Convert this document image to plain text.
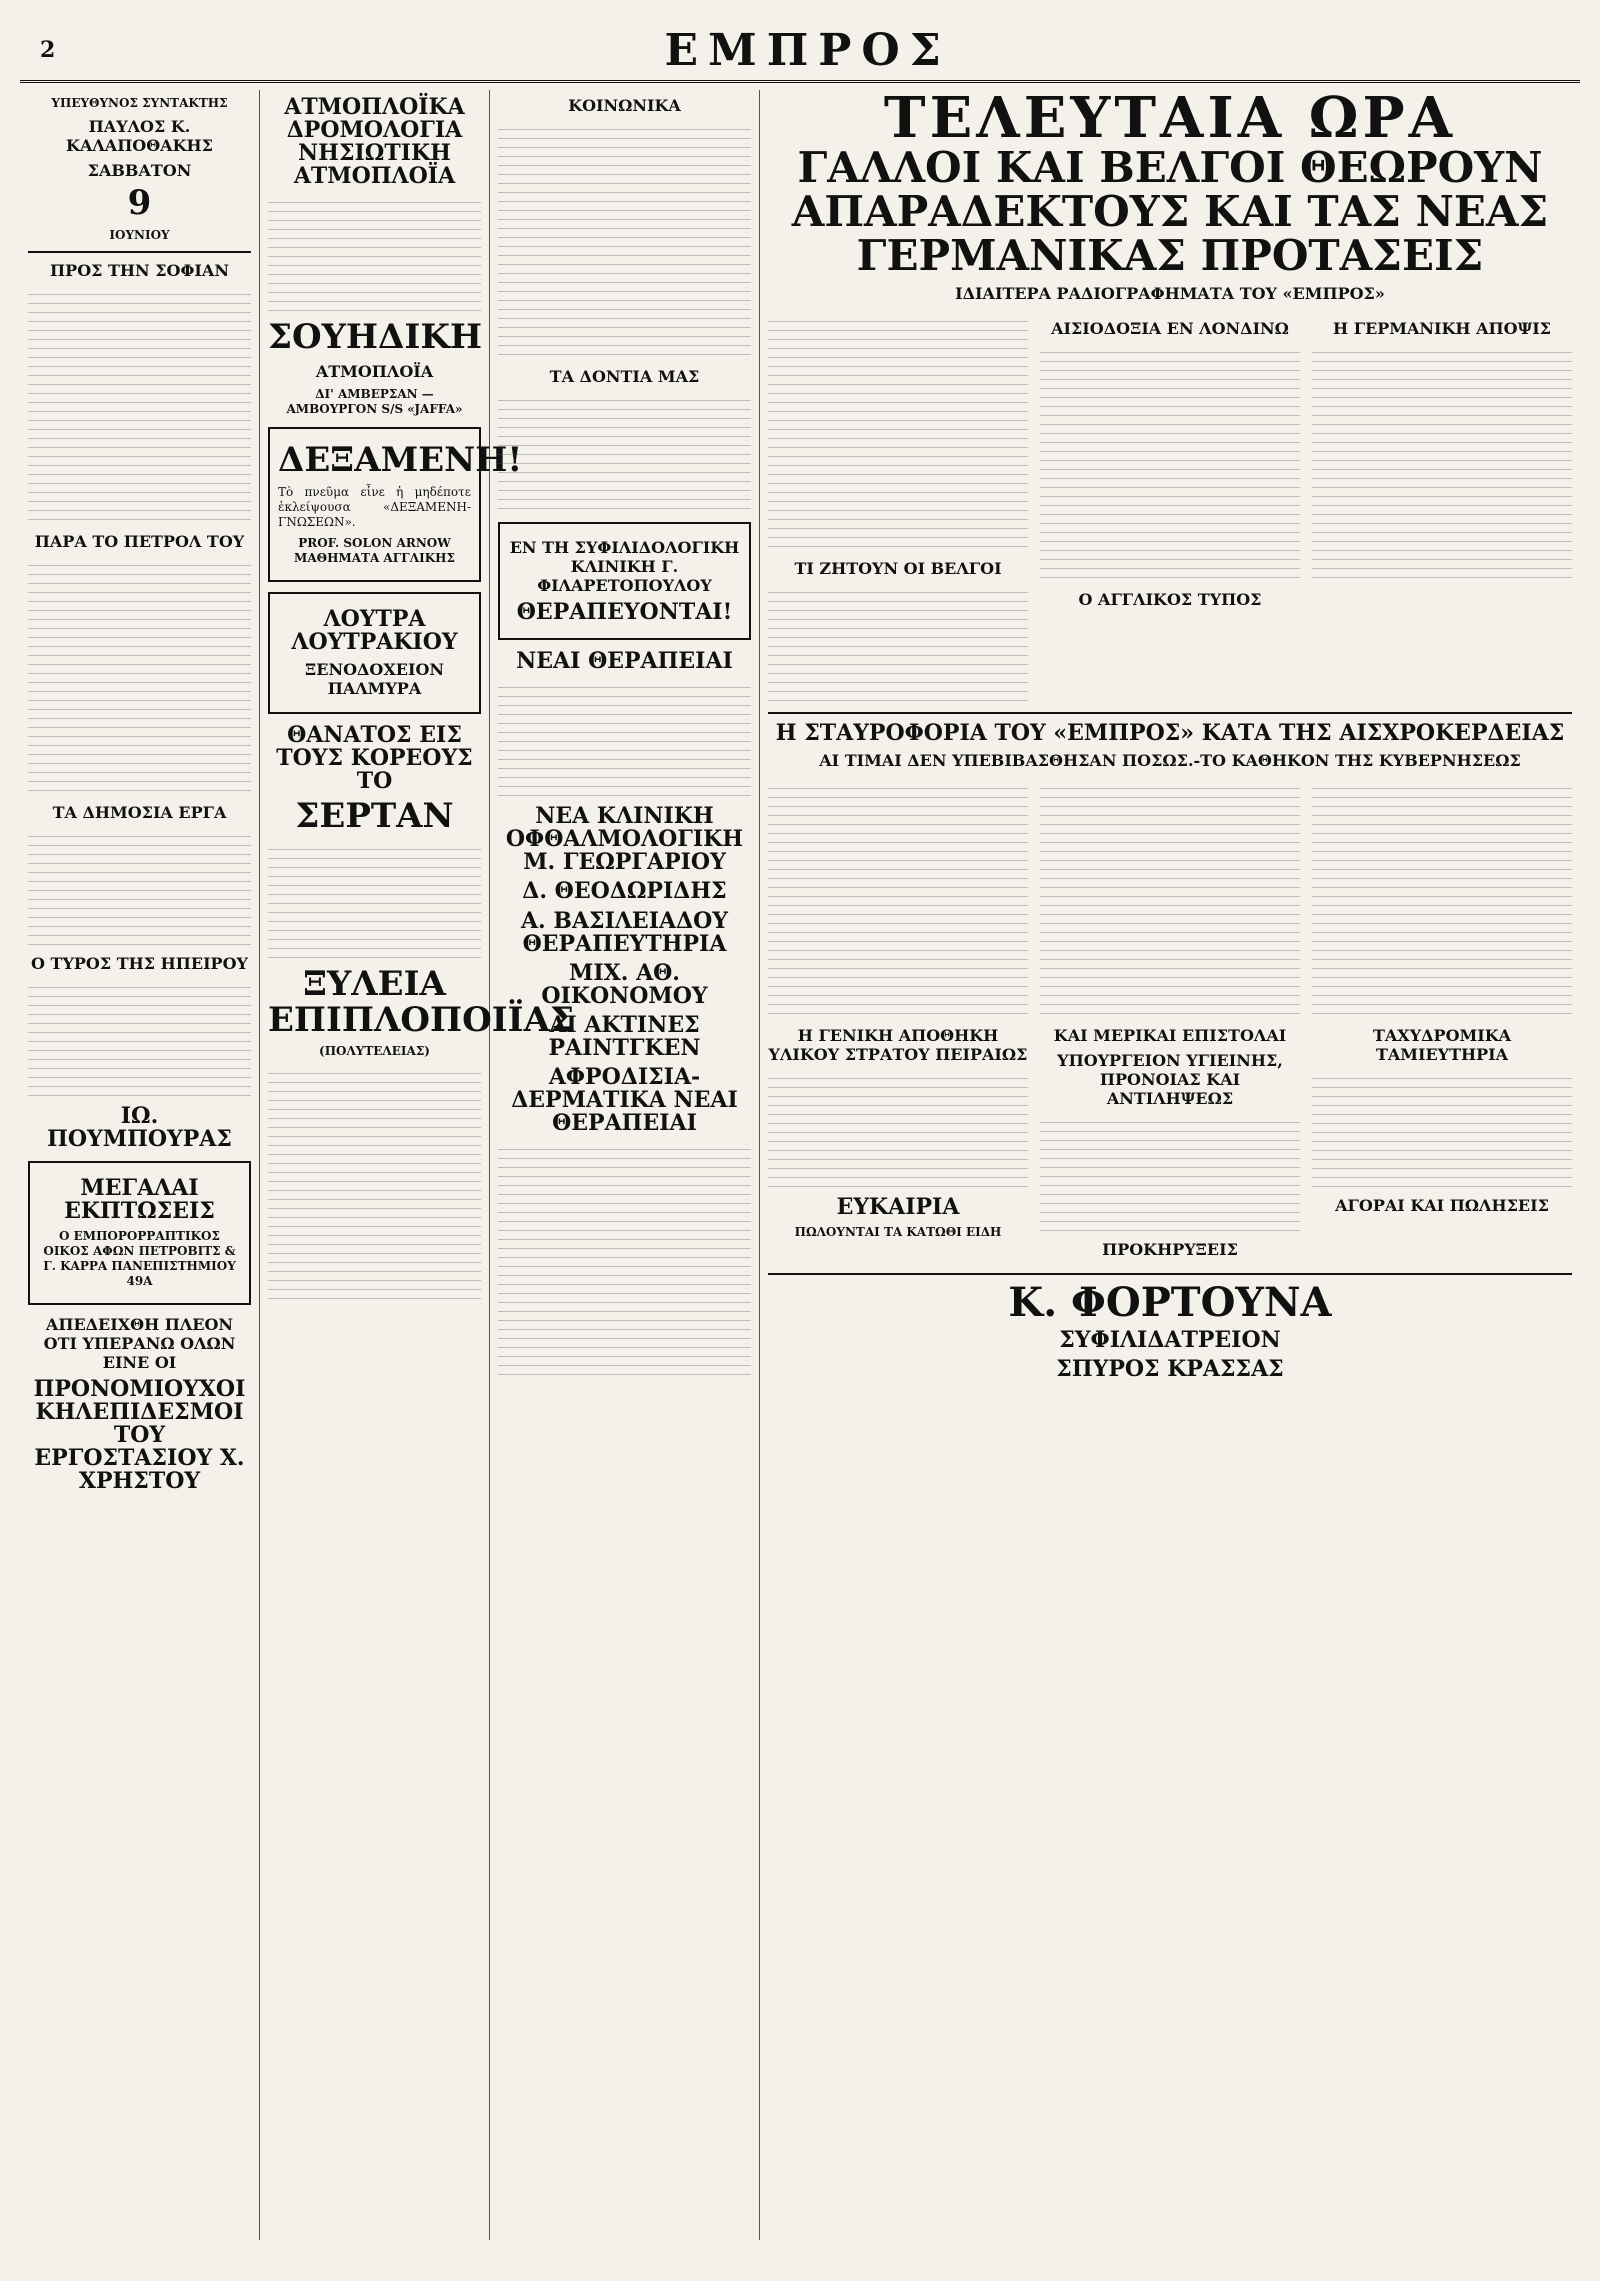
2	ΕΜΠΡΟΣ
ΥΠΕΥΘΥΝΟΣ ΣΥΝΤΑΚΤΗΣ
ΠΑΥΛΟΣ Κ. ΚΑΛΑΠΟΘΑΚΗΣ
ΣΑΒΒΑΤΟΝ
9
ΙΟΥΝΙΟΥ
ΠΡΟΣ ΤΗΝ ΣΟΦΙΑΝ
ΠΑΡΑ ΤΟ ΠΕΤΡΟΛ ΤΟΥ
ΤΑ ΔΗΜΟΣΙΑ ΕΡΓΑ
Ο ΤΥΡΟΣ ΤΗΣ ΗΠΕΙΡΟΥ
ΙΩ. ΠΟΥΜΠΟΥΡΑΣ
ΜΕΓΑΛΑΙ ΕΚΠΤΩΣΕΙΣ
Ο ΕΜΠΟΡΟΡΡΑΠΤΙΚΟΣ ΟΙΚΟΣ ΑΦΩΝ ΠΕΤΡΟΒΙΤΣ & Γ. ΚΑΡΡΑ ΠΑΝΕΠΙΣΤΗΜΙΟΥ 49Α
ΑΠΕΔΕΙΧΘΗ ΠΛΕΟΝ ΟΤΙ ΥΠΕΡΑΝΩ ΟΛΩΝ ΕΙΝΕ ΟΙ
ΠΡΟΝΟΜΙΟΥΧΟΙ ΚΗΛΕΠΙΔΕΣΜΟΙ ΤΟΥ ΕΡΓΟΣΤΑΣΙΟΥ Χ. ΧΡΗΣΤΟΥ
ΑΤΜΟΠΛΟΪΚΑ ΔΡΟΜΟΛΟΓΙΑ ΝΗΣΙΩΤΙΚΗ ΑΤΜΟΠΛΟΪΑ
ΣΟΥΗΔΙΚΗ
ΑΤΜΟΠΛΟΪΑ
ΔΙ' ΑΜΒΕΡΣΑΝ — ΑΜΒΟΥΡΓΟΝ S/S «JAFFA»
ΔΕΞΑΜΕΝΗ!
Τὸ πνεῦμα εἶνε ἡ μηδέποτε ἐκλείψουσα «ΔΕΞΑΜΕΝΗ-ΓΝΩΣΕΩΝ».
PROF. SOLON ARNOW ΜΑΘΗΜΑΤΑ ΑΓΓΛΙΚΗΣ
ΛΟΥΤΡΑ ΛΟΥΤΡΑΚΙΟΥ
ΞΕΝΟΔΟΧΕΙΟΝ ΠΑΛΜΥΡΑ
ΘΑΝΑΤΟΣ ΕΙΣ ΤΟΥΣ ΚΟΡΕΟΥΣ ΤΟ
ΣΕΡΤΑΝ
ΞΥΛΕΙΑ ΕΠΙΠΛΟΠΟΙΪΑΣ
(ΠΟΛΥΤΕΛΕΙΑΣ)
ΚΟΙΝΩΝΙΚΑ
ΤΑ ΔΟΝΤΙΑ ΜΑΣ
ΕΝ ΤΗ ΣΥΦΙΛΙΔΟΛΟΓΙΚΗ ΚΛΙΝΙΚΗ Γ. ΦΙΛΑΡΕΤΟΠΟΥΛΟΥ
ΘΕΡΑΠΕΥΟΝΤΑΙ!
ΝΕΑΙ ΘΕΡΑΠΕΙΑΙ
ΝΕΑ ΚΛΙΝΙΚΗ ΟΦΘΑΛΜΟΛΟΓΙΚΗ Μ. ΓΕΩΡΓΑΡΙΟΥ
Δ. ΘΕΟΔΩΡΙΔΗΣ
Α. ΒΑΣΙΛΕΙΑΔΟΥ ΘΕΡΑΠΕΥΤΗΡΙΑ
ΜΙΧ. ΑΘ. ΟΙΚΟΝΟΜΟΥ
ΑΙ ΑΚΤΙΝΕΣ ΡΑΙΝΤΓΚΕΝ
ΑΦΡΟΔΙΣΙΑ-ΔΕΡΜΑΤΙΚΑ ΝΕΑΙ ΘΕΡΑΠΕΙΑΙ
ΤΕΛΕΥΤΑΙΑ ΩΡΑ
ΓΑΛΛΟΙ ΚΑΙ ΒΕΛΓΟΙ ΘΕΩΡΟΥΝ ΑΠΑΡΑΔΕΚΤΟΥΣ ΚΑΙ ΤΑΣ ΝΕΑΣ ΓΕΡΜΑΝΙΚΑΣ ΠΡΟΤΑΣΕΙΣ
ΙΔΙΑΙΤΕΡΑ ΡΑΔΙΟΓΡΑΦΗΜΑΤΑ ΤΟΥ «ΕΜΠΡΟΣ»
ΤΙ ΖΗΤΟΥΝ ΟΙ ΒΕΛΓΟΙ
ΑΙΣΙΟΔΟΞΙΑ ΕΝ ΛΟΝΔΙΝΩ
Ο ΑΓΓΛΙΚΟΣ ΤΥΠΟΣ
Η ΓΕΡΜΑΝΙΚΗ ΑΠΟΨΙΣ
Η ΣΤΑΥΡΟΦΟΡΙΑ ΤΟΥ «ΕΜΠΡΟΣ» ΚΑΤΑ ΤΗΣ ΑΙΣΧΡΟΚΕΡΔΕΙΑΣ
ΑΙ ΤΙΜΑΙ ΔΕΝ ΥΠΕΒΙΒΑΣΘΗΣΑΝ ΠΟΣΩΣ.-ΤΟ ΚΑΘΗΚΟΝ ΤΗΣ ΚΥΒΕΡΝΗΣΕΩΣ
Η ΓΕΝΙΚΗ ΑΠΟΘΗΚΗ ΥΛΙΚΟΥ ΣΤΡΑΤΟΥ ΠΕΙΡΑΙΩΣ
ΕΥΚΑΙΡΙΑ
ΠΩΛΟΥΝΤΑΙ ΤΑ ΚΑΤΩΘΙ ΕΙΔΗ
ΚΑΙ ΜΕΡΙΚΑΙ ΕΠΙΣΤΟΛΑΙ
ΥΠΟΥΡΓΕΙΟΝ ΥΓΙΕΙΝΗΣ, ΠΡΟΝΟΙΑΣ ΚΑΙ ΑΝΤΙΛΗΨΕΩΣ
ΠΡΟΚΗΡΥΞΕΙΣ
ΤΑΧΥΔΡΟΜΙΚΑ ΤΑΜΙΕΥΤΗΡΙΑ
ΑΓΟΡΑΙ ΚΑΙ ΠΩΛΗΣΕΙΣ
Κ. ΦΟΡΤΟΥΝΑ
ΣΥΦΙΛΙΔΑΤΡΕΙΟΝ
ΣΠΥΡΟΣ ΚΡΑΣΣΑΣ
